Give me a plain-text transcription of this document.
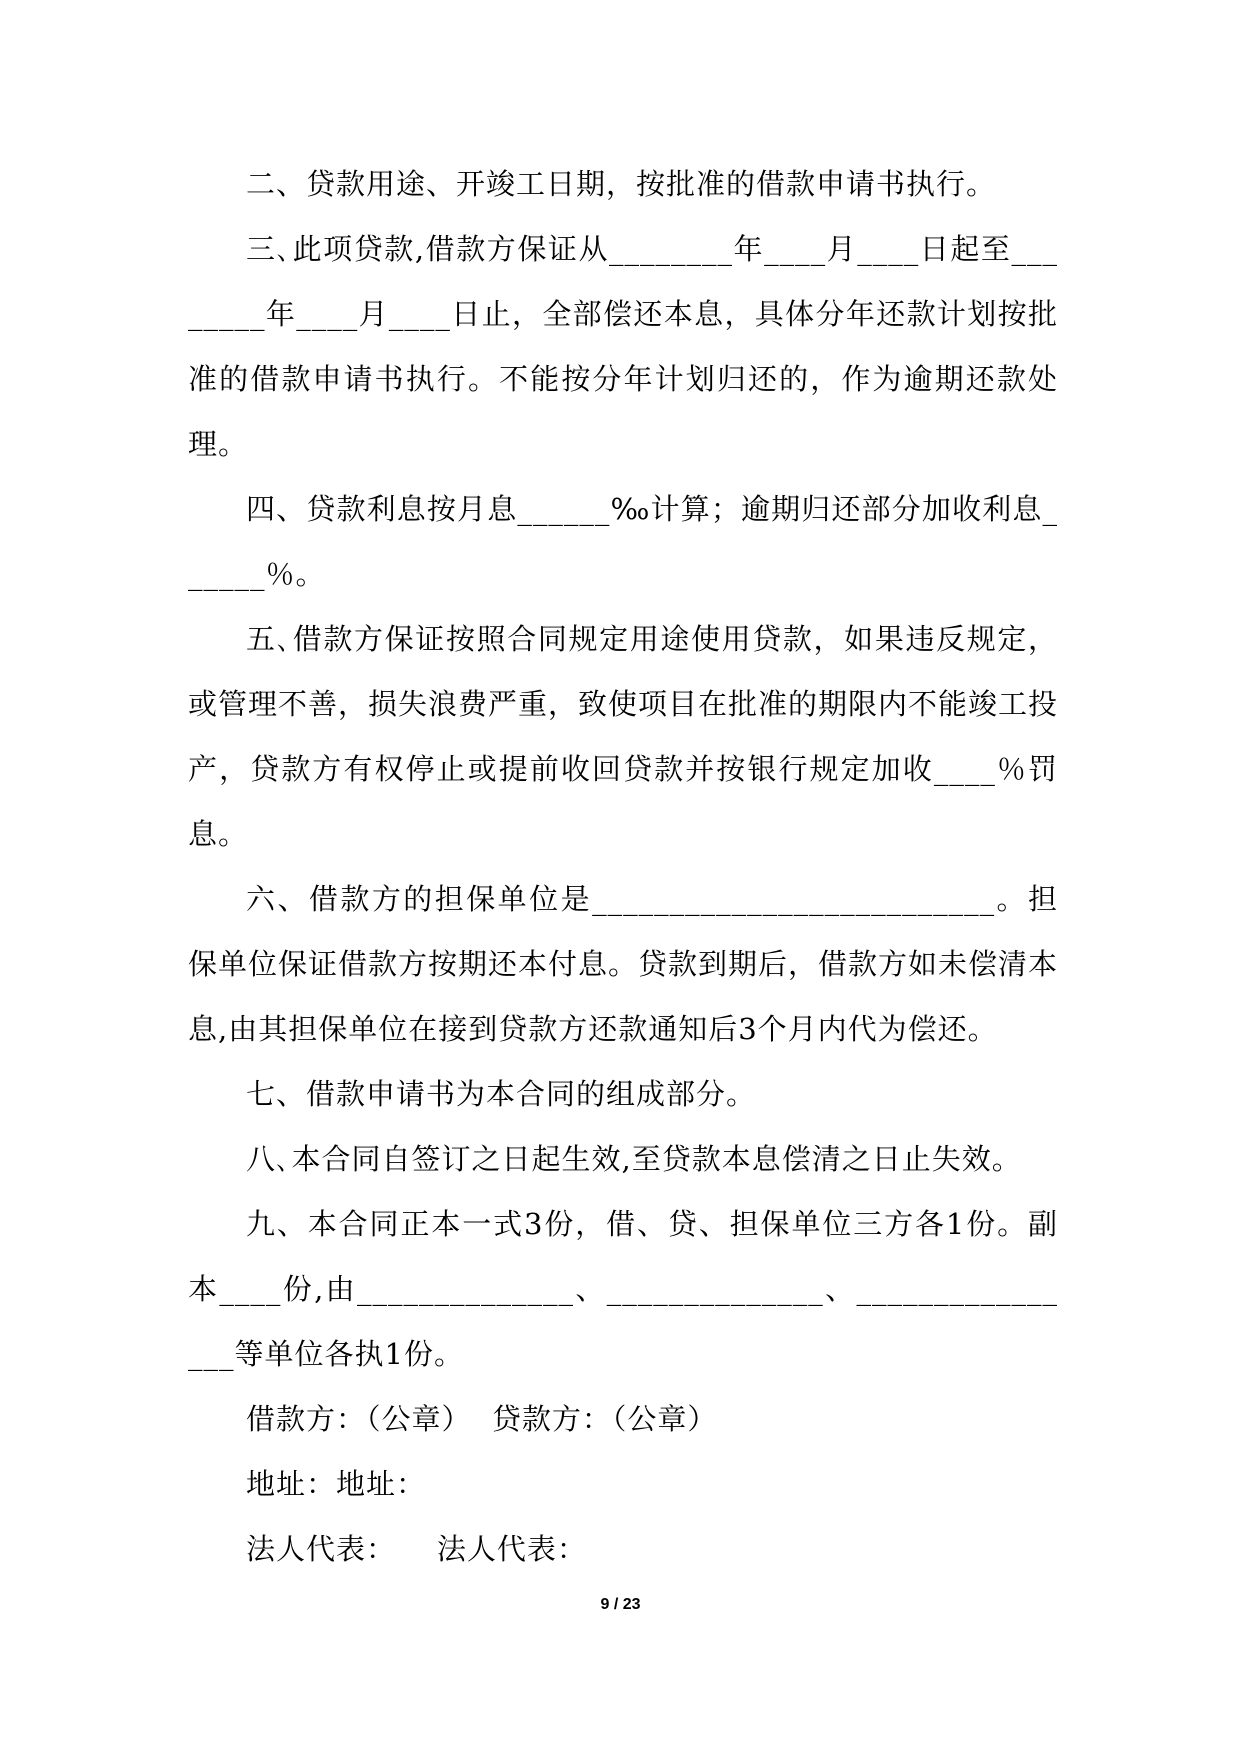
二、贷款用途、开竣工日期，按批准的借款申请书执行。

三､此项贷款,借款方保证从________年____月____日起至________年____月____日止，全部偿还本息，具体分年还款计划按批准的借款申请书执行。不能按分年计划归还的，作为逾期还款处理。

四、贷款利息按月息______‰计算；逾期归还部分加收利息______％。

五､借款方保证按照合同规定用途使用贷款，如果违反规定，或管理不善，损失浪费严重，致使项目在批准的期限内不能竣工投产，贷款方有权停止或提前收回贷款并按银行规定加收____％罚息。

六、借款方的担保单位是__________________________。担保单位保证借款方按期还本付息。贷款到期后，借款方如未偿清本息,由其担保单位在接到贷款方还款通知后3个月内代为偿还。

七、借款申请书为本合同的组成部分。

八､本合同自签订之日起生效,至贷款本息偿清之日止失效。

九、本合同正本一式3份，借、贷、担保单位三方各1份。副本____份,由______________、______________、________________等单位各执1份。

借款方：（公章）  贷款方：（公章）

地址：地址：

法人代表：    法人代表：

9 / 23
